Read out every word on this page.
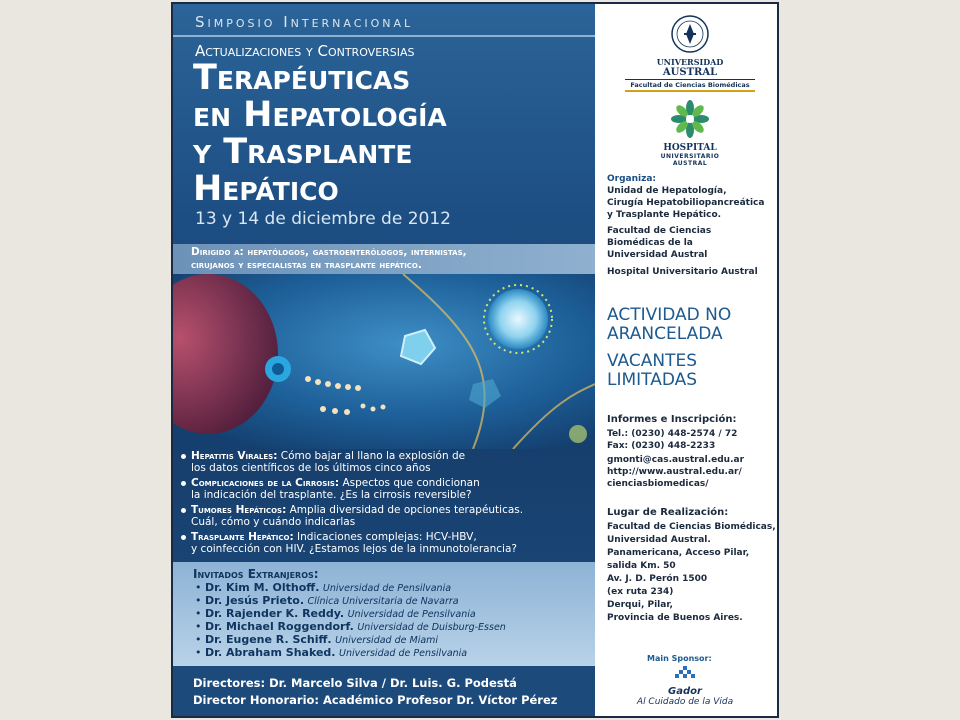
Simposio Internacional
Actualizaciones y Controversias
Terapéuticas
en Hepatología
y Trasplante
Hepático
13 y 14 de diciembre de 2012
Dirigido a: hepatólogos, gastroenterólogos, internistas,
cirujanos y especialistas en trasplante hepático.
Hepatitis Virales: Cómo bajar al llano la explosión de
los datos científicos de los últimos cinco años
Complicaciones de la Cirrosis: Aspectos que condicionan
la indicación del trasplante. ¿Es la cirrosis reversible?
Tumores Hepáticos: Amplia diversidad de opciones terapéuticas.
Cuál, cómo y cuándo indicarlas
Trasplante Hepático: Indicaciones complejas: HCV-HBV,
y coinfección con HIV. ¿Estamos lejos de la inmunotolerancia?
Invitados Extranjeros:
• Dr. Kim M. Olthoff. Universidad de Pensilvania
• Dr. Jesús Prieto. Clínica Universitaria de Navarra
• Dr. Rajender K. Reddy. Universidad de Pensilvania
• Dr. Michael Roggendorf. Universidad de Duisburg-Essen
• Dr. Eugene R. Schiff. Universidad de Miami
• Dr. Abraham Shaked. Universidad de Pensilvania
Directores: Dr. Marcelo Silva / Dr. Luis. G. Podestá
Director Honorario: Académico Profesor Dr. Víctor Pérez
UNIVERSIDAD
AUSTRAL
Facultad de Ciencias Biomédicas
HOSPITAL
UNIVERSITARIO AUSTRAL
Organiza:
Unidad de Hepatología,
Cirugía Hepatobiliopancreática
y Trasplante Hepático.
Facultad de Ciencias
Biomédicas de la
Universidad Austral
Hospital Universitario Austral
ACTIVIDAD NO
ARANCELADA
VACANTES
LIMITADAS
Informes e Inscripción:
Tel.: (0230) 448-2574 / 72
Fax: (0230) 448-2233
gmonti@cas.austral.edu.ar
http://www.austral.edu.ar/
cienciasbiomedicas/
Lugar de Realización:
Facultad de Ciencias Biomédicas,
Universidad Austral.
Panamericana, Acceso Pilar,
salida Km. 50
Av. J. D. Perón 1500
(ex ruta 234)
Derqui, Pilar,
Provincia de Buenos Aires.
Main Sponsor:
Gador
Al Cuidado de la Vida
